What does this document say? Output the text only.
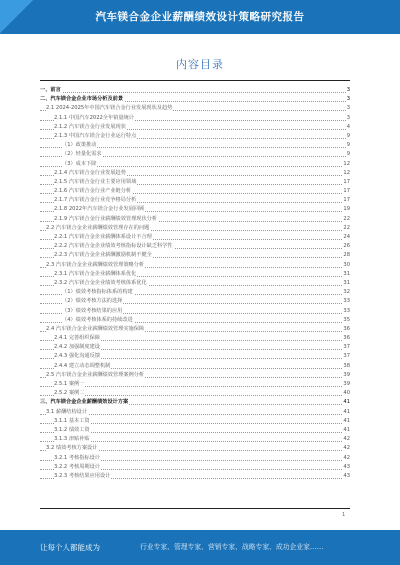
汽车镁合金企业薪酬绩效设计策略研究报告
内容目录
一、前言	3
二、汽车镁合金企业市场分析及前景	3
2.1 2024-2025年中国汽车镁合金行业发展现状及趋势	3
2.1.1 中国汽车2022全年销量统计	3
2.1.2 汽车镁合金行业发展现状	4
2.1.3 中国汽车镁合金行业运行特点	9
（1）政策推动	9
（2）轻量化需求	9
（3）成本下降	12
2.1.4 汽车镁合金行业发展趋势	12
2.1.5 汽车镁合金行业主要应用领域	17
2.1.6 汽车镁合金行业产业链分析	17
2.1.7 汽车镁合金行业竞争格局分析	17
2.1.8 2022年汽车镁合金行业发展回顾	19
2.1.9 汽车镁合金行业薪酬绩效管理现状分析	22
2.2 汽车镁合金企业薪酬绩效管理存在的问题	22
2.2.1 汽车镁合金企业薪酬体系设计不合理	24
2.2.2 汽车镁合金企业绩效考核指标设计缺乏科学性	26
2.2.3 汽车镁合金企业薪酬激励机制不健全	28
2.3 汽车镁合金企业薪酬绩效管理策略分析	30
2.3.1 汽车镁合金企业薪酬体系优化	31
2.3.2 汽车镁合金企业绩效考核体系优化	31
（1）绩效考核指标体系的构建	32
（2）绩效考核方法的选择	33
（3）绩效考核结果的应用	33
（4）绩效考核体系的持续改进	35
2.4 汽车镁合金企业薪酬绩效管理实施保障	36
2.4.1 完善组织保障	36
2.4.2 加强制度建设	37
2.4.3 强化沟通反馈	37
2.4.4 建立动态调整机制	38
2.5 汽车镁合金企业薪酬绩效管理案例分析	39
2.5.1 案例一	39
2.5.2 案例二	40
三、汽车镁合金企业薪酬绩效设计方案	41
3.1 薪酬结构设计	41
3.1.1 基本工资	41
3.1.2 绩效工资	41
3.1.3 津贴补贴	42
3.2 绩效考核方案设计	42
3.2.1 考核指标设计	42
3.2.2 考核周期设计	43
3.2.3 考核结果应用设计	43
1
让每个人都能成为	行业专家、管理专家、营销专家、战略专家、成功企业家……
